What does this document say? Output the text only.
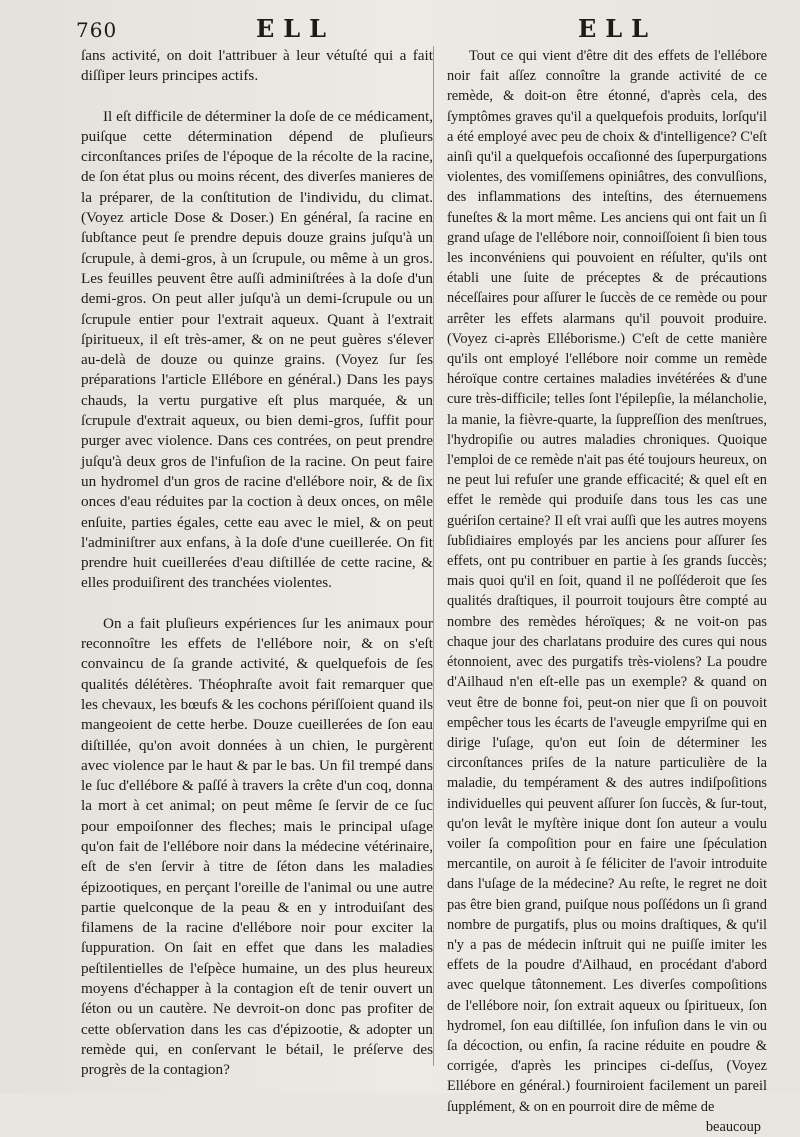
760	ELL	ELL

ſans activité, on doit l'attribuer à leur vétuſté qui a fait diſſiper leurs principes actifs.

Il eſt difficile de déterminer la doſe de ce médicament, puiſque cette détermination dépend de pluſieurs circonſtances priſes de l'époque de la récolte de la racine, de ſon état plus ou moins récent, des diverſes manieres de la préparer, de la conſtitution de l'individu, du climat. (Voyez article Dose & Doser.) En général, ſa racine en ſubſtance peut ſe prendre depuis douze grains juſqu'à un ſcrupule, à demi-gros, à un ſcrupule, ou même à un gros. Les feuilles peuvent être auſſi adminiſtrées à la doſe d'un demi-gros. On peut aller juſqu'à un demi-ſcrupule ou un ſcrupule entier pour l'extrait aqueux. Quant à l'extrait ſpiritueux, il eſt très-amer, & on ne peut guères s'élever au-delà de douze ou quinze grains. (Voyez ſur ſes préparations l'article Ellébore en général.) Dans les pays chauds, la vertu purgative eſt plus marquée, & un ſcrupule d'extrait aqueux, ou bien demi-gros, ſuffit pour purger avec violence. Dans ces contrées, on peut prendre juſqu'à deux gros de l'infuſion de la racine. On peut faire un hydromel d'un gros de racine d'ellébore noir, & de ſix onces d'eau réduites par la coction à deux onces, on mêle enſuite, parties égales, cette eau avec le miel, & on peut l'adminiſtrer aux enfans, à la doſe d'une cueillerée. On fit prendre huit cueillerées d'eau diſtillée de cette racine, & elles produiſirent des tranchées violentes.

On a fait pluſieurs expériences ſur les animaux pour reconnoître les effets de l'ellébore noir, & on s'eſt convaincu de ſa grande activité, & quelquefois de ſes qualités délétères. Théophraſte avoit fait remarquer que les chevaux, les bœufs & les cochons périſſoient quand ils mangeoient de cette herbe. Douze cueillerées de ſon eau diſtillée, qu'on avoit données à un chien, le purgèrent avec violence par le haut & par le bas. Un fil trempé dans le ſuc d'ellébore & paſſé à travers la crête d'un coq, donna la mort à cet animal; on peut même ſe ſervir de ce ſuc pour empoiſonner des fleches; mais le principal uſage qu'on fait de l'ellébore noir dans la médecine vétérinaire, eſt de s'en ſervir à titre de ſéton dans les maladies épizootiques, en perçant l'oreille de l'animal ou une autre partie quelconque de la peau & en y introduiſant des filamens de la racine d'ellébore noir pour exciter la ſuppuration. On ſait en effet que dans les maladies peſtilentielles de l'eſpèce humaine, un des plus heureux moyens d'échapper à la contagion eſt de tenir ouvert un ſéton ou un cautère. Ne devroit-on donc pas profiter de cette obſervation dans les cas d'épizootie, & adopter un remède qui, en conſervant le bétail, le préſerve des progrès de la contagion?

Tout ce qui vient d'être dit des effets de l'ellébore noir fait aſſez connoître la grande activité de ce remède, & doit-on être étonné, d'après cela, des ſymptômes graves qu'il a quelquefois produits, lorſqu'il a été employé avec peu de choix & d'intelligence? C'eſt ainſi qu'il a quelquefois occaſionné des ſuperpurgations violentes, des vomiſſemens opiniâtres, des convulſions, des inflammations des inteſtins, des éternuemens funeſtes & la mort même. Les anciens qui ont fait un ſi grand uſage de l'ellébore noir, connoiſſoient ſi bien tous les inconvéniens qui pouvoient en réſulter, qu'ils ont établi une ſuite de préceptes & de précautions néceſſaires pour aſſurer le ſuccès de ce remède ou pour arrêter les effets alarmans qu'il pouvoit produire. (Voyez ci-après Elléborisme.) C'eſt de cette manière qu'ils ont employé l'ellébore noir comme un remède héroïque contre certaines maladies invétérées & d'une cure très-difficile; telles ſont l'épilepſie, la mélancholie, la manie, la fièvre-quarte, la ſuppreſſion des menſtrues, l'hydropiſie ou autres maladies chroniques. Quoique l'emploi de ce remède n'ait pas été toujours heureux, on ne peut lui refuſer une grande efficacité; & quel eſt en effet le remède qui produiſe dans tous les cas une guériſon certaine? Il eſt vrai auſſi que les autres moyens ſubſidiaires employés par les anciens pour aſſurer ſes effets, ont pu contribuer en partie à ſes grands ſuccès; mais quoi qu'il en ſoit, quand il ne poſſéderoit que ſes qualités draſtiques, il pourroit toujours être compté au nombre des remèdes héroïques; & ne voit-on pas chaque jour des charlatans produire des cures qui nous étonnoient, avec des purgatifs très-violens? La poudre d'Ailhaud n'en eſt-elle pas un exemple? & quand on veut être de bonne foi, peut-on nier que ſi on pouvoit empêcher tous les écarts de l'aveugle empyriſme qui en dirige l'uſage, qu'on eut ſoin de déterminer les circonſtances priſes de la nature particulière de la maladie, du tempérament & des autres indiſpoſitions individuelles qui peuvent aſſurer ſon ſuccès, & ſur-tout, qu'on levât le myſtère inique dont ſon auteur a voulu voiler ſa compoſition pour en faire une ſpéculation mercantile, on auroit à ſe féliciter de l'avoir introduite dans l'uſage de la médecine? Au reſte, le regret ne doit pas être bien grand, puiſque nous poſſédons un ſi grand nombre de purgatifs, plus ou moins draſtiques, & qu'il n'y a pas de médecin inſtruit qui ne puiſſe imiter les effets de la poudre d'Ailhaud, en procédant d'abord avec quelque tâtonnement. Les diverſes compoſitions de l'ellébore noir, ſon extrait aqueux ou ſpiritueux, ſon hydromel, ſon eau diſtillée, ſon infuſion dans le vin ou ſa décoction, ou enfin, ſa racine réduite en poudre & corrigée, d'après les principes ci-deſſus, (Voyez Ellébore en général.) fourniroient facilement un pareil ſupplément, & on en pourroit dire de même de

beaucoup
